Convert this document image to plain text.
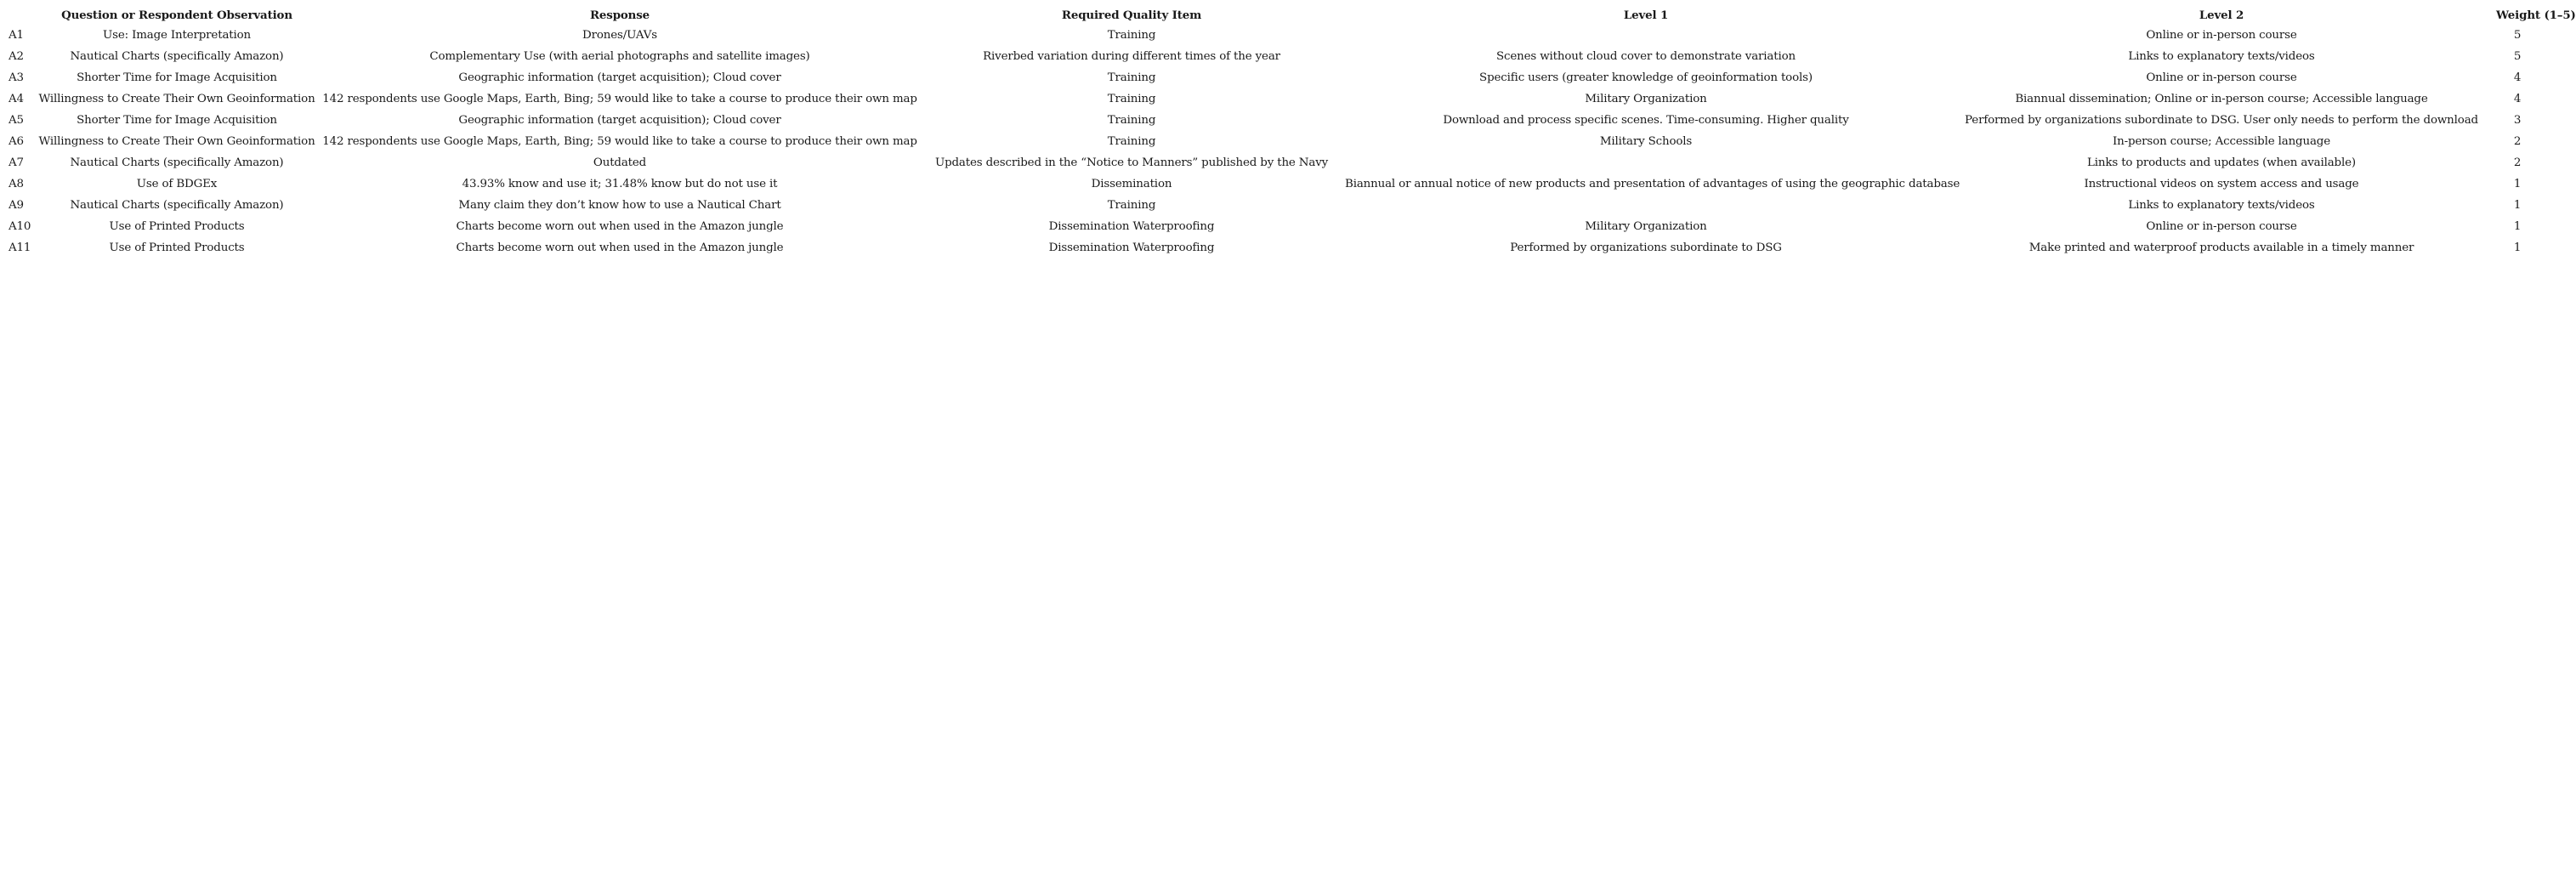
	Question or Respondent Observation	Response	Required Quality Item	Level 1	Level 2	Weight (1–5)
A1	Use: Image Interpretation	Drones/UAVs	Training		Online or in-person course	5
A2	Nautical Charts (specifically Amazon)	Complementary Use (with aerial photographs and satellite images)	Riverbed variation during different times of the year	Scenes without cloud cover to demonstrate variation	Links to explanatory texts/videos	5
A3	Shorter Time for Image Acquisition	Geographic information (target acquisition); Cloud cover	Training	Specific users (greater knowledge of geoinformation tools)	Online or in-person course	4
A4	Willingness to Create Their Own Geoinformation	142 respondents use Google Maps, Earth, Bing; 59 would like to take a course to produce their own map	Training	Military Organization	Biannual dissemination; Online or in-person course; Accessible language	4
A5	Shorter Time for Image Acquisition	Geographic information (target acquisition); Cloud cover	Training	Download and process specific scenes. Time-consuming. Higher quality	Performed by organizations subordinate to DSG. User only needs to perform the download	3
A6	Willingness to Create Their Own Geoinformation	142 respondents use Google Maps, Earth, Bing; 59 would like to take a course to produce their own map	Training	Military Schools	In-person course; Accessible language	2
A7	Nautical Charts (specifically Amazon)	Outdated	Updates described in the “Notice to Manners” published by the Navy		Links to products and updates (when available)	2
A8	Use of BDGEx	43.93% know and use it; 31.48% know but do not use it	Dissemination	Biannual or annual notice of new products and presentation of advantages of using the geographic database	Instructional videos on system access and usage	1
A9	Nautical Charts (specifically Amazon)	Many claim they don’t know how to use a Nautical Chart	Training		Links to explanatory texts/videos	1
A10	Use of Printed Products	Charts become worn out when used in the Amazon jungle	Dissemination Waterproofing	Military Organization	Online or in-person course	1
A11	Use of Printed Products	Charts become worn out when used in the Amazon jungle	Dissemination Waterproofing	Performed by organizations subordinate to DSG	Make printed and waterproof products available in a timely manner	1
